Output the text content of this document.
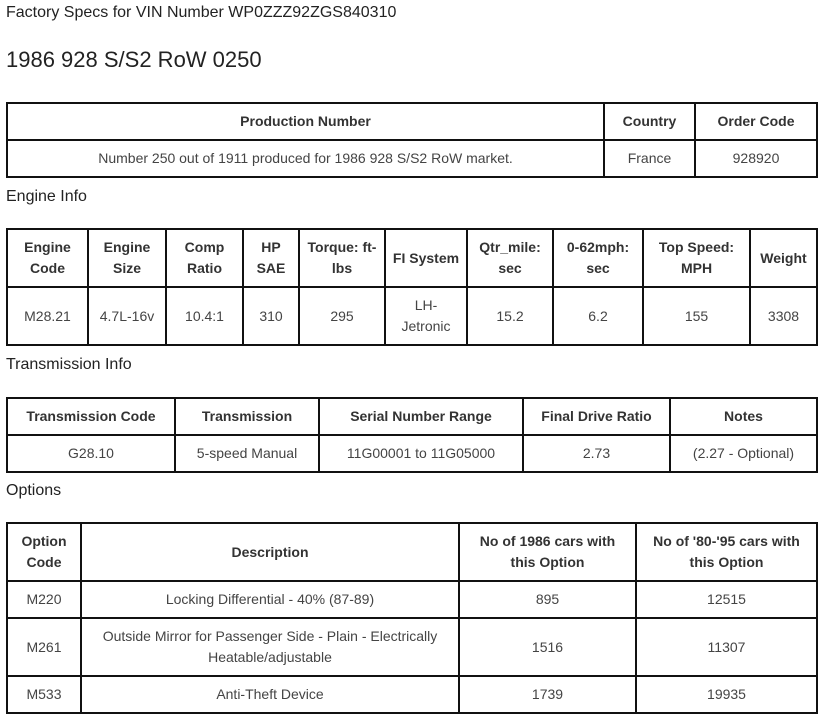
Factory Specs for VIN Number WP0ZZZ92ZGS840310
1986 928 S/S2 RoW 0250
Production Number	Country	Order Code
Number 250 out of 1911 produced for 1986 928 S/S2 RoW market.	France	928920
Engine Info
Engine Code	Engine Size	Comp Ratio	HP SAE	Torque: ft-lbs	FI System	Qtr_mile: sec	0-62mph: sec	Top Speed: MPH	Weight
M28.21	4.7L-16v	10.4:1	310	295	LH-Jetronic	15.2	6.2	155	3308
Transmission Info
Transmission Code	Transmission	Serial Number Range	Final Drive Ratio	Notes
G28.10	5-speed Manual	11G00001 to 11G05000	2.73	(2.27 - Optional)
Options
Option Code	Description	No of 1986 cars with this Option	No of '80-'95 cars with this Option
M220	Locking Differential - 40% (87-89)	895	12515
M261	Outside Mirror for Passenger Side - Plain - Electrically Heatable/adjustable	1516	11307
M533	Anti-Theft Device	1739	19935
